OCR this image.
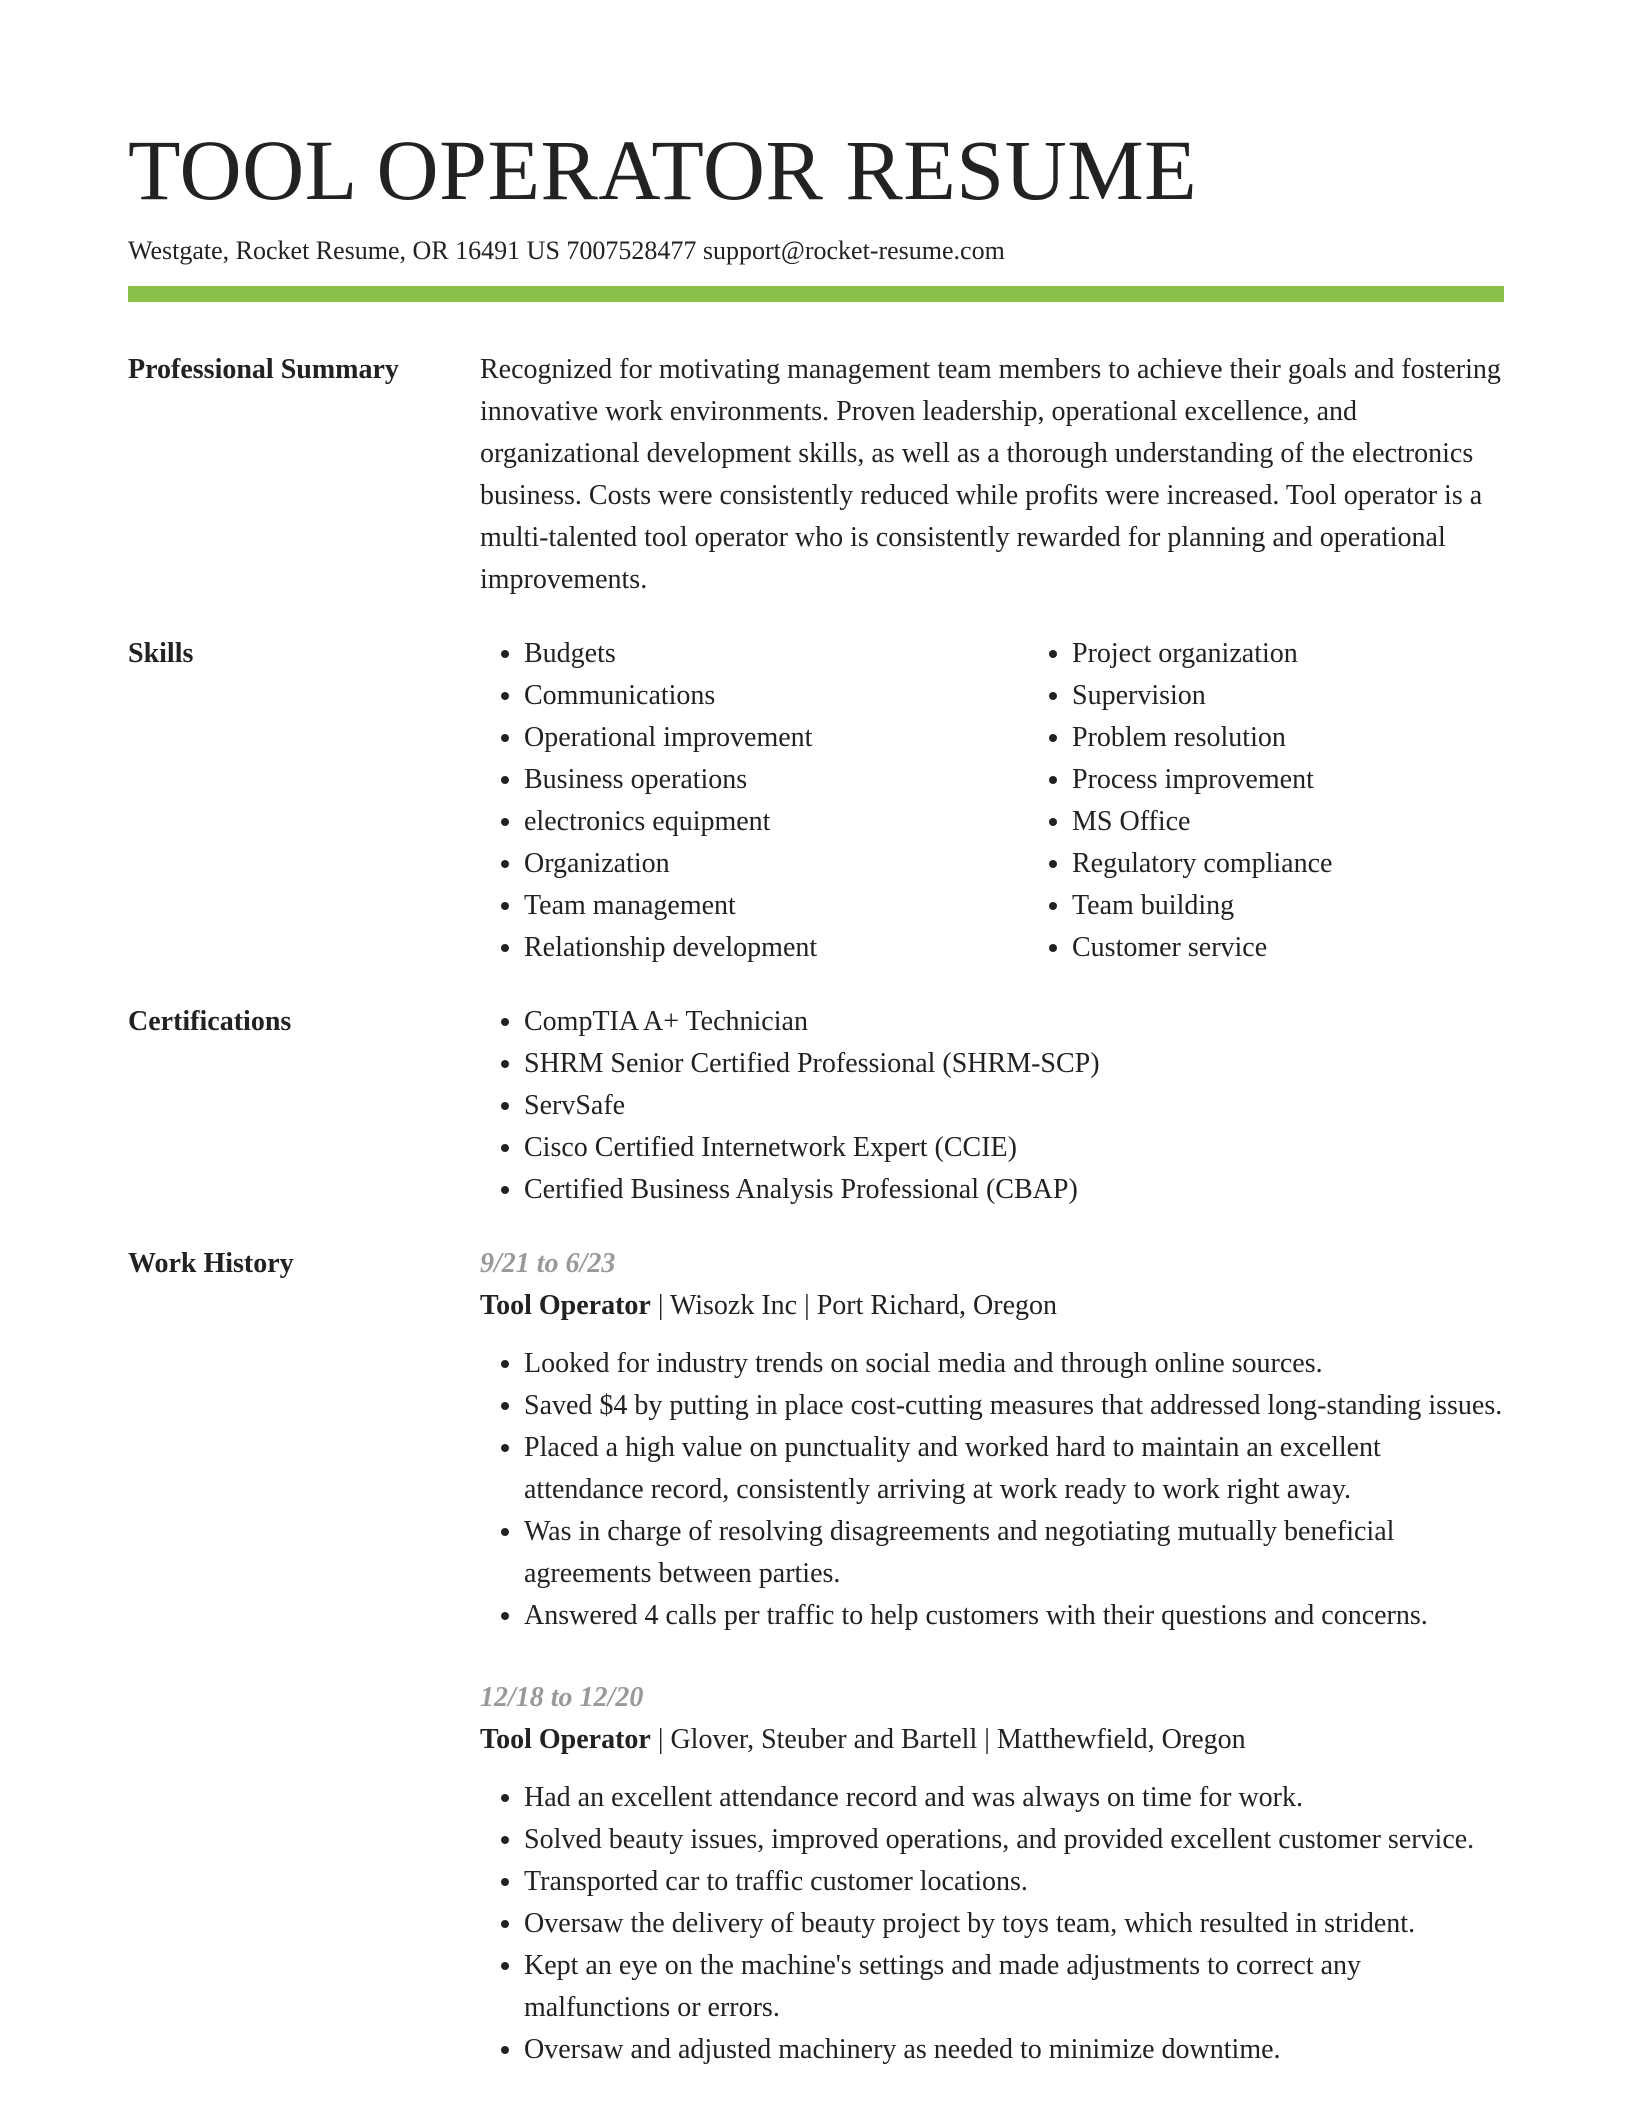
TOOL OPERATOR RESUME
Westgate, Rocket Resume, OR 16491 US 7007528477 support@rocket-resume.com
Professional Summary	Recognized for motivating management team members to achieve their goals and fostering innovative work environments. Proven leadership, operational excellence, and organizational development skills, as well as a thorough understanding of the electronics business. Costs were consistently reduced while profits were increased. Tool operator is a multi-talented tool operator who is consistently rewarded for planning and operational improvements.
Skills	• Budgets
• Communications
• Operational improvement
• Business operations
• electronics equipment
• Organization
• Team management
• Relationship development
• Project organization
• Supervision
• Problem resolution
• Process improvement
• MS Office
• Regulatory compliance
• Team building
• Customer service
Certifications	• CompTIA A+ Technician
• SHRM Senior Certified Professional (SHRM-SCP)
• ServSafe
• Cisco Certified Internetwork Expert (CCIE)
• Certified Business Analysis Professional (CBAP)
Work History	9/21 to 6/23
Tool Operator | Wisozk Inc | Port Richard, Oregon
• Looked for industry trends on social media and through online sources.
• Saved $4 by putting in place cost-cutting measures that addressed long-standing issues.
• Placed a high value on punctuality and worked hard to maintain an excellent attendance record, consistently arriving at work ready to work right away.
• Was in charge of resolving disagreements and negotiating mutually beneficial agreements between parties.
• Answered 4 calls per traffic to help customers with their questions and concerns.
12/18 to 12/20
Tool Operator | Glover, Steuber and Bartell | Matthewfield, Oregon
• Had an excellent attendance record and was always on time for work.
• Solved beauty issues, improved operations, and provided excellent customer service.
• Transported car to traffic customer locations.
• Oversaw the delivery of beauty project by toys team, which resulted in strident.
• Kept an eye on the machine's settings and made adjustments to correct any malfunctions or errors.
• Oversaw and adjusted machinery as needed to minimize downtime.
